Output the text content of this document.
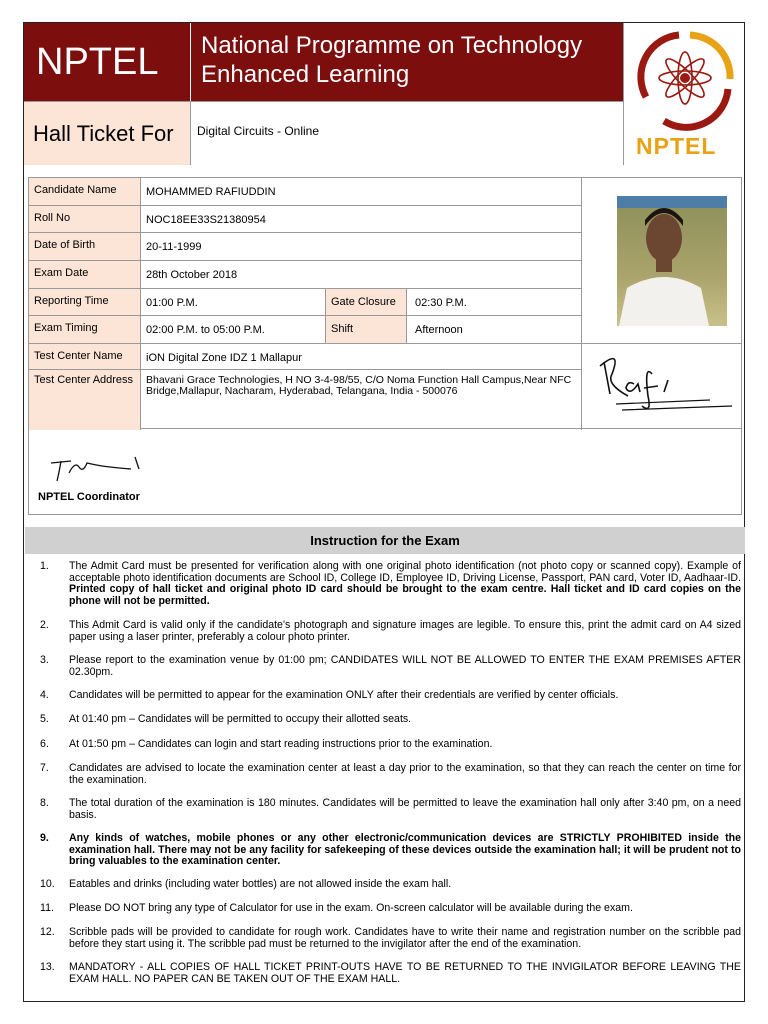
NPTEL	National Programme on Technology
Enhanced Learning
Hall Ticket For	Digital Circuits - Online
NPTEL
Candidate Name	MOHAMMED RAFIUDDIN
Roll No	NOC18EE33S21380954
Date of Birth	20-11-1999
Exam Date	28th October 2018
Reporting Time	01:00 P.M.	Gate Closure	02:30 P.M.
Exam Timing	02:00 P.M. to 05:00 P.M.	Shift	Afternoon
Test Center Name	iON Digital Zone IDZ 1 Mallapur
Test Center Address	Bhavani Grace Technologies, H NO 3-4-98/55, C/O Noma Function Hall Campus,Near NFC Bridge,Mallapur, Nacharam, Hyderabad, Telangana, India - 500076
NPTEL Coordinator
Instruction for the Exam
1. The Admit Card must be presented for verification along with one original photo identification (not photo copy or scanned copy). Example of acceptable photo identification documents are School ID, College ID, Employee ID, Driving License, Passport, PAN card, Voter ID, Aadhaar-ID. Printed copy of hall ticket and original photo ID card should be brought to the exam centre. Hall ticket and ID card copies on the phone will not be permitted.
2. This Admit Card is valid only if the candidate's photograph and signature images are legible. To ensure this, print the admit card on A4 sized paper using a laser printer, preferably a colour photo printer.
3. Please report to the examination venue by 01:00 pm; CANDIDATES WILL NOT BE ALLOWED TO ENTER THE EXAM PREMISES AFTER 02.30pm.
4. Candidates will be permitted to appear for the examination ONLY after their credentials are verified by center officials.
5. At 01:40 pm – Candidates will be permitted to occupy their allotted seats.
6. At 01:50 pm – Candidates can login and start reading instructions prior to the examination.
7. Candidates are advised to locate the examination center at least a day prior to the examination, so that they can reach the center on time for the examination.
8. The total duration of the examination is 180 minutes. Candidates will be permitted to leave the examination hall only after 3:40 pm, on a need basis.
9. Any kinds of watches, mobile phones or any other electronic/communication devices are STRICTLY PROHIBITED inside the examination hall. There may not be any facility for safekeeping of these devices outside the examination hall; it will be prudent not to bring valuables to the examination center.
10. Eatables and drinks (including water bottles) are not allowed inside the exam hall.
11. Please DO NOT bring any type of Calculator for use in the exam. On-screen calculator will be available during the exam.
12. Scribble pads will be provided to candidate for rough work. Candidates have to write their name and registration number on the scribble pad before they start using it. The scribble pad must be returned to the invigilator after the end of the examination.
13. MANDATORY - ALL COPIES OF HALL TICKET PRINT-OUTS HAVE TO BE RETURNED TO THE INVIGILATOR BEFORE LEAVING THE EXAM HALL. NO PAPER CAN BE TAKEN OUT OF THE EXAM HALL.
